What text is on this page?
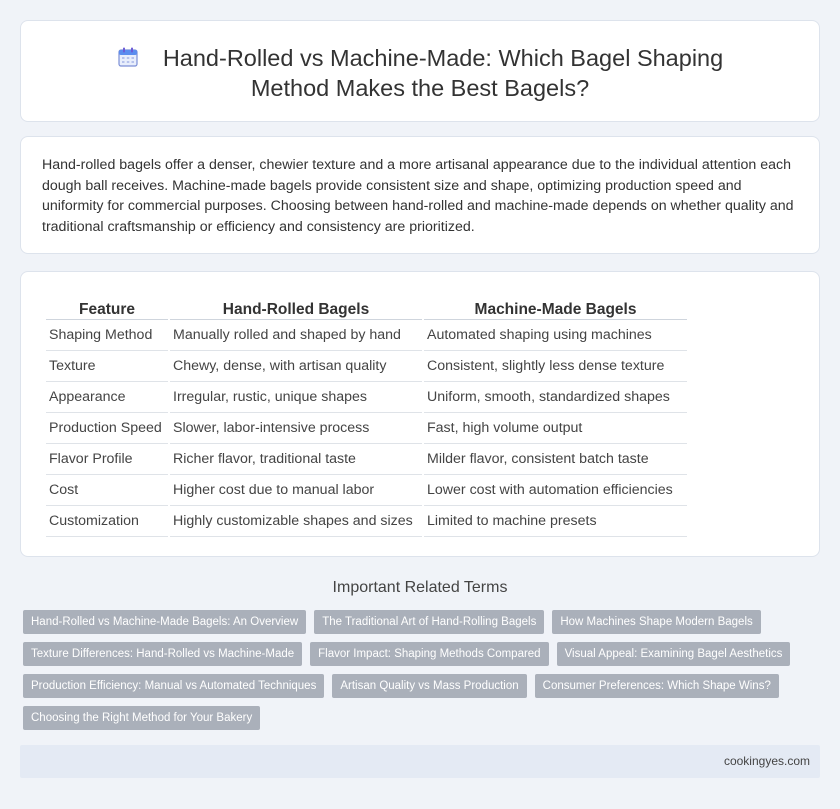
Hand-Rolled vs Machine-Made: Which Bagel Shaping Method Makes the Best Bagels?

Hand-rolled bagels offer a denser, chewier texture and a more artisanal appearance due to the individual attention each dough ball receives. Machine-made bagels provide consistent size and shape, optimizing production speed and uniformity for commercial purposes. Choosing between hand-rolled and machine-made depends on whether quality and traditional craftsmanship or efficiency and consistency are prioritized.

Feature	Hand-Rolled Bagels	Machine-Made Bagels
Shaping Method	Manually rolled and shaped by hand	Automated shaping using machines
Texture	Chewy, dense, with artisan quality	Consistent, slightly less dense texture
Appearance	Irregular, rustic, unique shapes	Uniform, smooth, standardized shapes
Production Speed	Slower, labor-intensive process	Fast, high volume output
Flavor Profile	Richer flavor, traditional taste	Milder flavor, consistent batch taste
Cost	Higher cost due to manual labor	Lower cost with automation efficiencies
Customization	Highly customizable shapes and sizes	Limited to machine presets
Important Related Terms
Hand-Rolled vs Machine-Made Bagels: An Overview	The Traditional Art of Hand-Rolling Bagels	How Machines Shape Modern Bagels
Texture Differences: Hand-Rolled vs Machine-Made	Flavor Impact: Shaping Methods Compared	Visual Appeal: Examining Bagel Aesthetics
Production Efficiency: Manual vs Automated Techniques	Artisan Quality vs Mass Production	Consumer Preferences: Which Shape Wins?
Choosing the Right Method for Your Bakery
cookingyes.com
